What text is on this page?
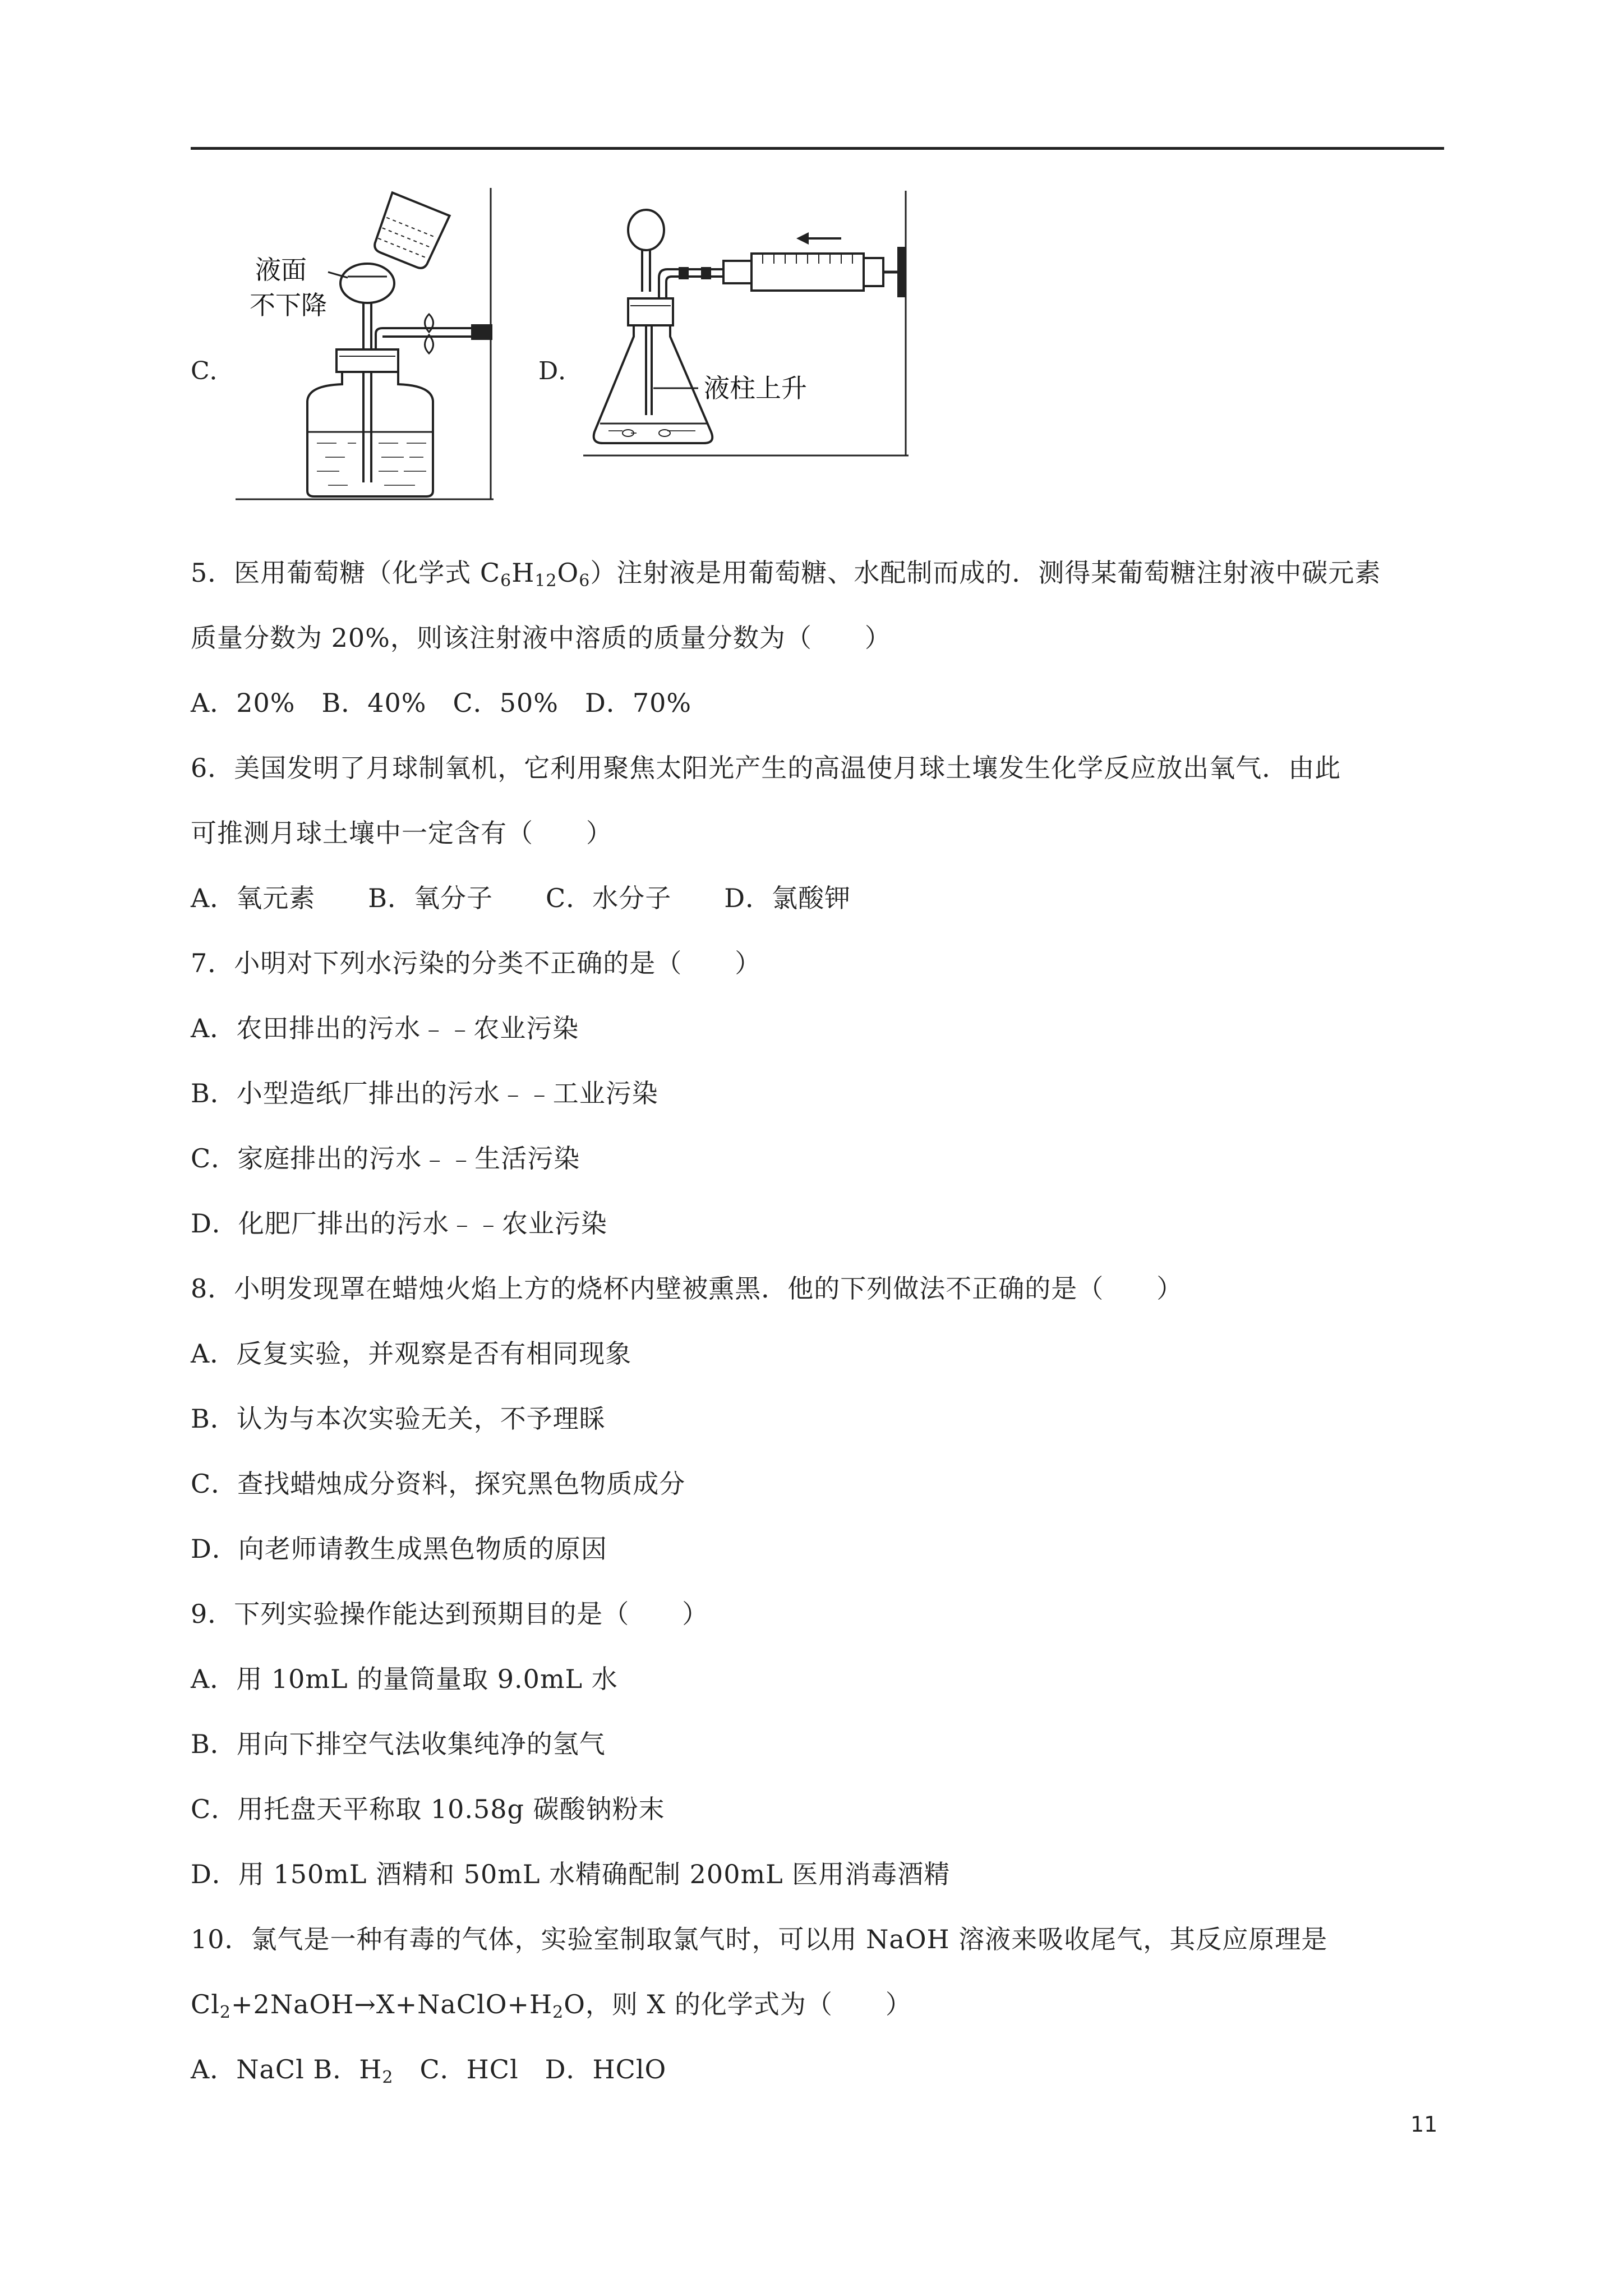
C．
液面
不下降
D．
液柱上升
5．医用葡萄糖（化学式 $C_6H_{12}O_6$）注射液是用葡萄糖、水配制而成的．测得某葡萄糖注射液中碳元素
质量分数为 20%，则该注射液中溶质的质量分数为（　　）
A．20%　B．40%　C．50%　D．70%
6．美国发明了月球制氧机，它利用聚焦太阳光产生的高温使月球土壤发生化学反应放出氧气．由此
可推测月球土壤中一定含有（　　）
A．氧元素　　B．氧分子　　C．水分子　　D．氯酸钾
7．小明对下列水污染的分类不正确的是（　　）
A．农田排出的污水﹣﹣农业污染
B．小型造纸厂排出的污水﹣﹣工业污染
C．家庭排出的污水﹣﹣生活污染
D．化肥厂排出的污水﹣﹣农业污染
8．小明发现罩在蜡烛火焰上方的烧杯内壁被熏黑．他的下列做法不正确的是（　　）
A．反复实验，并观察是否有相同现象
B．认为与本次实验无关，不予理睬
C．查找蜡烛成分资料，探究黑色物质成分
D．向老师请教生成黑色物质的原因
9．下列实验操作能达到预期目的是（　　）
A．用 10mL 的量筒量取 9.0mL 水
B．用向下排空气法收集纯净的氢气
C．用托盘天平称取 10.58g 碳酸钠粉末
D．用 150mL 酒精和 50mL 水精确配制 200mL 医用消毒酒精
10．氯气是一种有毒的气体，实验室制取氯气时，可以用 NaOH 溶液来吸收尾气，其反应原理是
$Cl_2+2NaOH\to X+NaClO+H_2O$，则 X 的化学式为（　　）
A．NaCl B．$H_2$　C．HCl　D．HClO
11
